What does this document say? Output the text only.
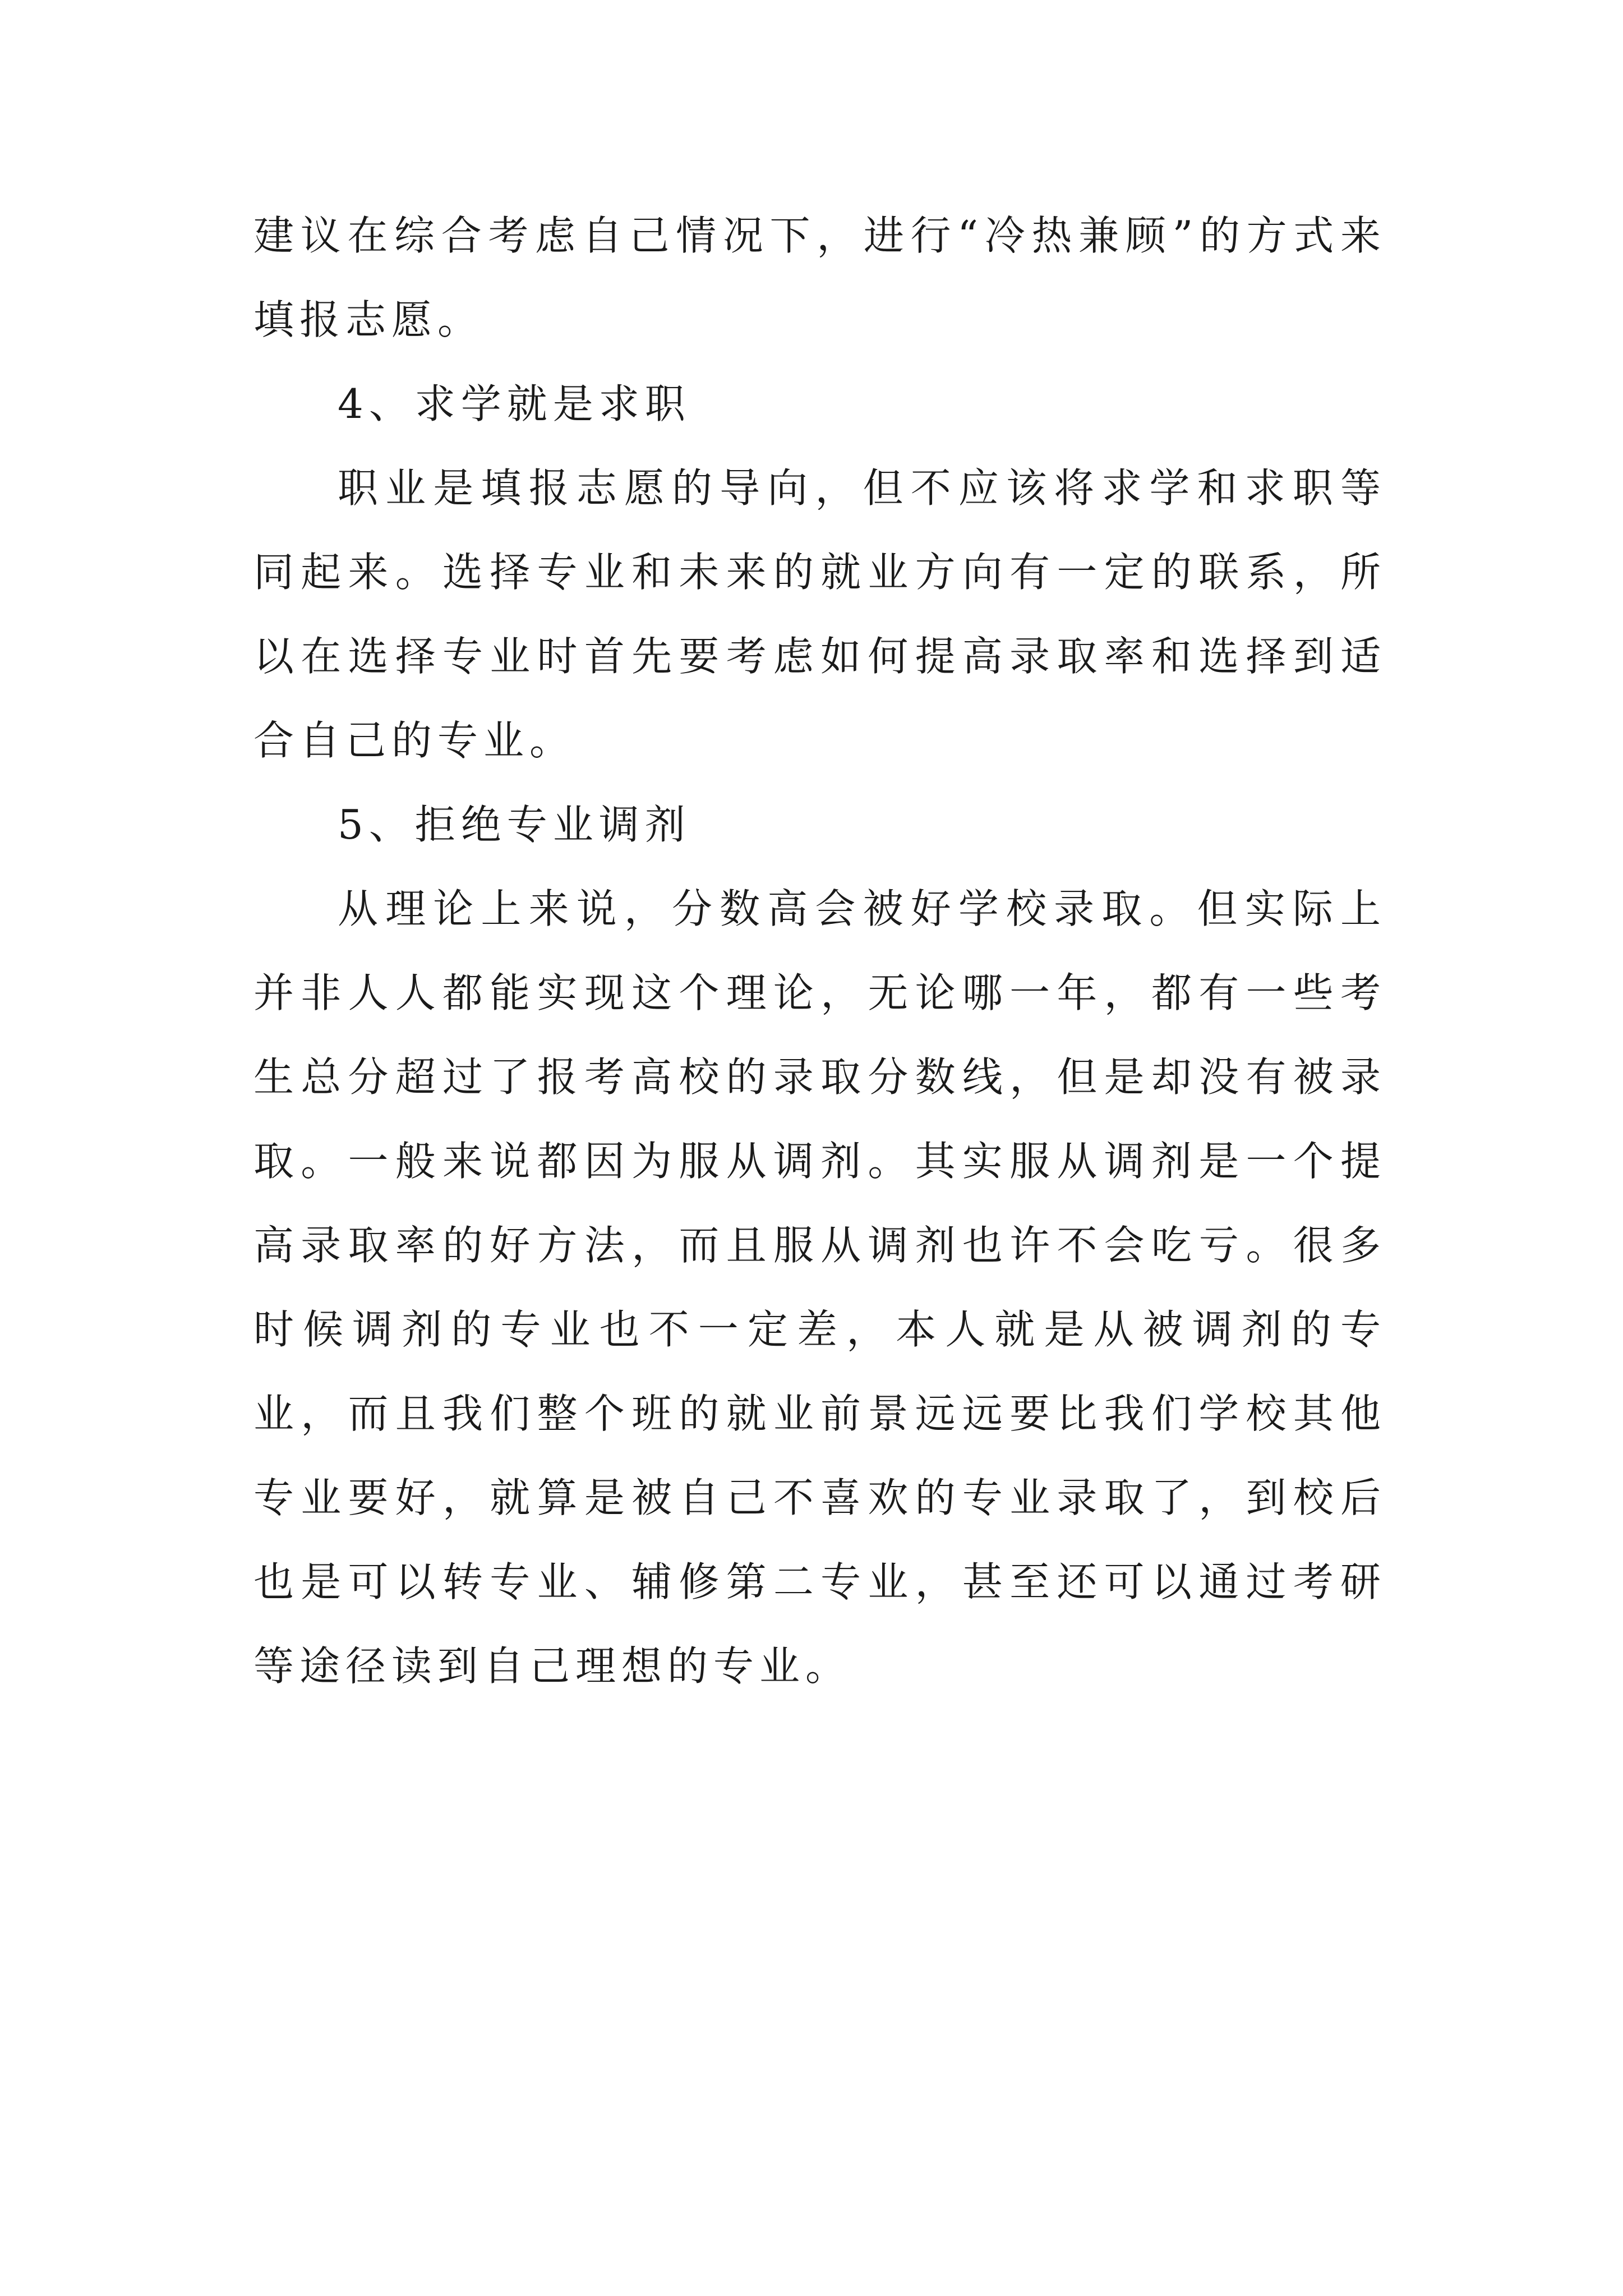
建议在综合考虑自己情况下，进行“冷热兼顾”的方式来填报志愿。

4、求学就是求职

职业是填报志愿的导向，但不应该将求学和求职等同起来。选择专业和未来的就业方向有一定的联系，所以在选择专业时首先要考虑如何提高录取率和选择到适合自己的专业。

5、拒绝专业调剂

从理论上来说，分数高会被好学校录取。但实际上并非人人都能实现这个理论，无论哪一年，都有一些考生总分超过了报考高校的录取分数线，但是却没有被录取。一般来说都因为服从调剂。其实服从调剂是一个提高录取率的好方法，而且服从调剂也许不会吃亏。很多时候调剂的专业也不一定差，本人就是从被调剂的专业，而且我们整个班的就业前景远远要比我们学校其他专业要好，就算是被自己不喜欢的专业录取了，到校后也是可以转专业、辅修第二专业，甚至还可以通过考研等途径读到自己理想的专业。
